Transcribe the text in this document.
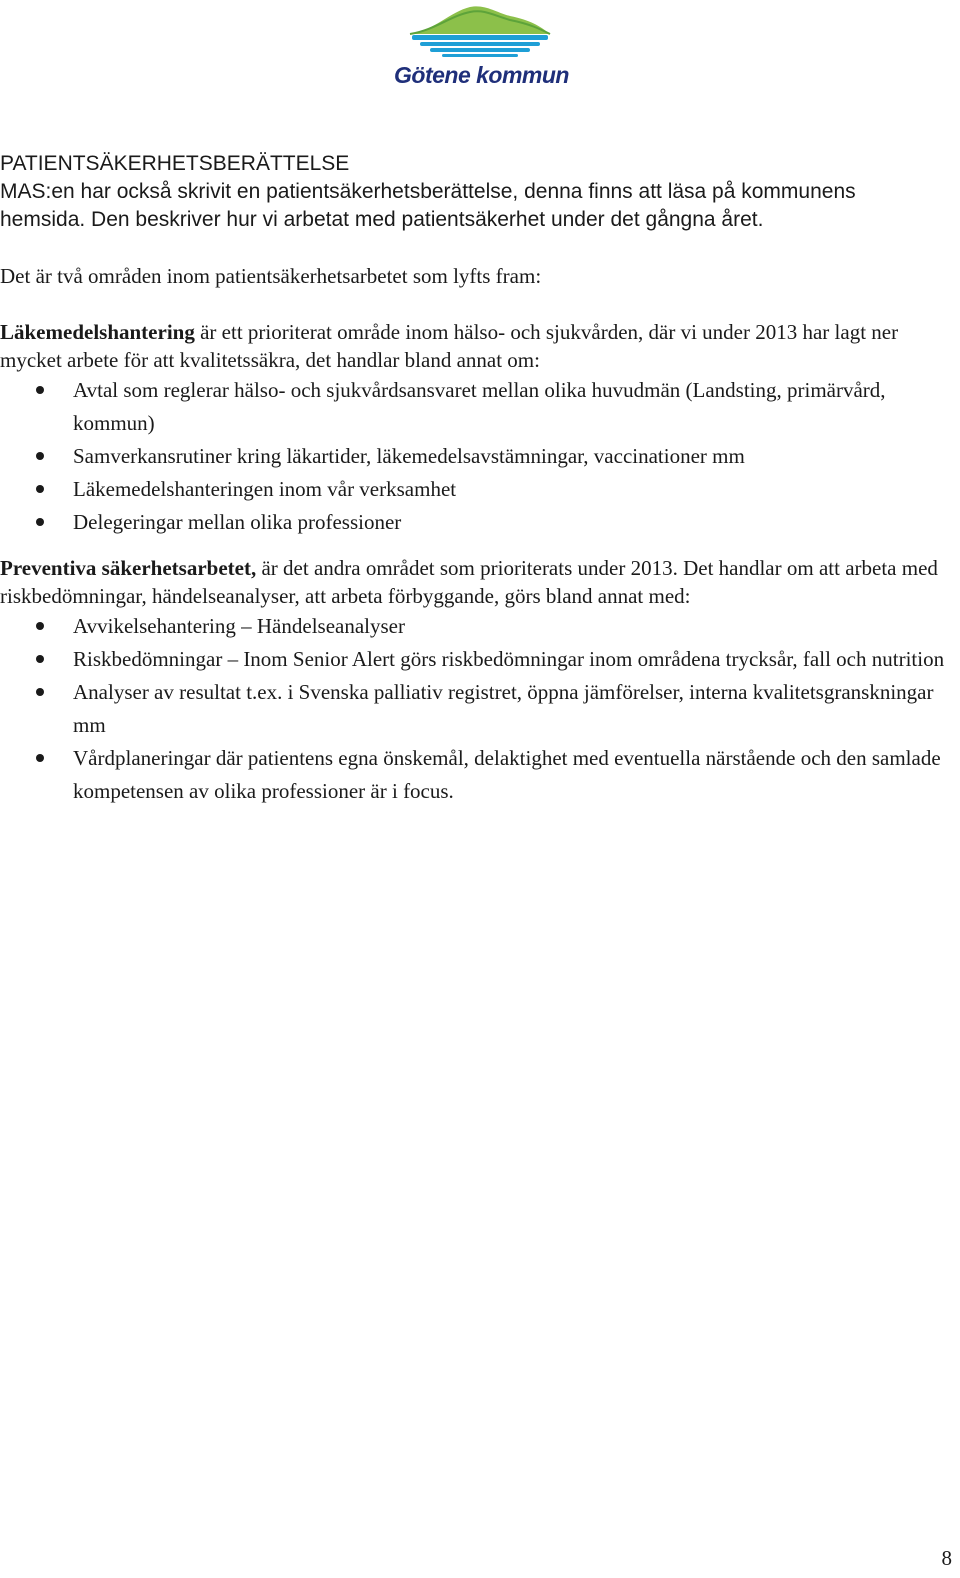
Götene kommun
PATIENTSÄKERHETSBERÄTTELSE
MAS:en har också skrivit en patientsäkerhetsberättelse, denna finns att läsa på kommunens
hemsida. Den beskriver hur vi arbetat med patientsäkerhet under det gångna året.
Det är två områden inom patientsäkerhetsarbetet som lyfts fram:

Läkemedelshantering är ett prioriterat område inom hälso- och sjukvården, där vi under 2013 har lagt ner mycket arbete för att kvalitetssäkra, det handlar bland annat om:

Avtal som reglerar hälso- och sjukvårdsansvaret mellan olika huvudmän (Landsting, primärvård, kommun)
Samverkansrutiner kring läkartider, läkemedelsavstämningar, vaccinationer mm
Läkemedelshanteringen inom vår verksamhet
Delegeringar mellan olika professioner

Preventiva säkerhetsarbetet, är det andra området som prioriterats under 2013. Det handlar om att arbeta med riskbedömningar, händelseanalyser, att arbeta förbyggande, görs bland annat med:

Avvikelsehantering – Händelseanalyser
Riskbedömningar – Inom Senior Alert görs riskbedömningar inom områdena trycksår, fall och nutrition
Analyser av resultat t.ex. i Svenska palliativ registret, öppna jämförelser, interna kvalitetsgranskningar mm
Vårdplaneringar där patientens egna önskemål, delaktighet med eventuella närstående och den samlade kompetensen av olika professioner är i focus.
8
